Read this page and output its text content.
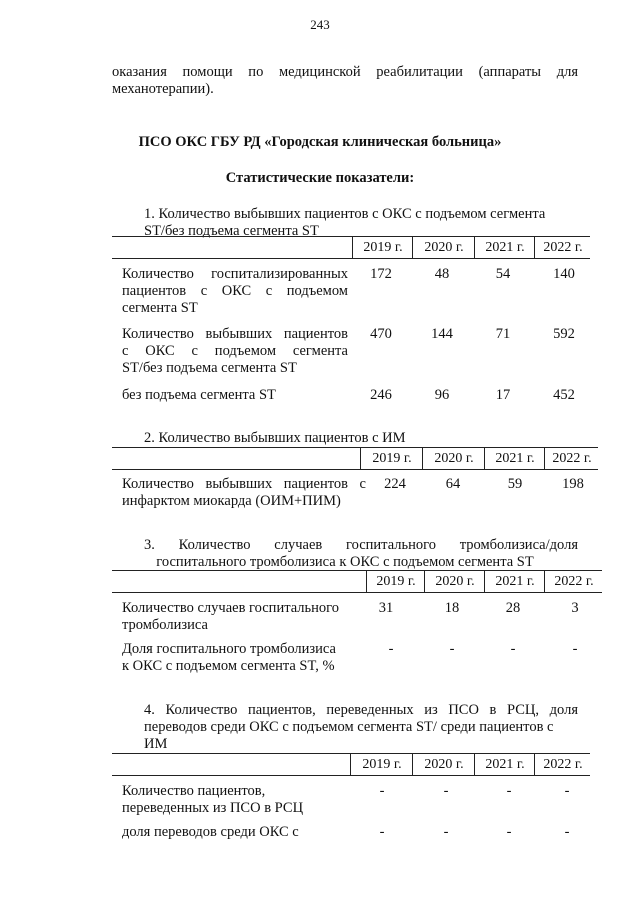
243
оказания помощи по медицинской реабилитации (аппараты для
механотерапии).
ПСО ОКС ГБУ РД «Городская клиническая больница»
Статистические показатели:
1. Количество выбывших пациентов с ОКС с подъемом сегмента
ST/без подъема сегмента ST
2019 г.	2020 г.	2021 г.	2022 г.
Количество госпитализированных
пациентов с ОКС с подъемом
сегмента ST
172	48	54	140
Количество выбывших пациентов
с ОКС с подъемом сегмента
ST/без подъема сегмента ST
470	144	71	592
без подъема сегмента ST	246	96	17	452
2. Количество выбывших пациентов с ИМ
2019 г.	2020 г.	2021 г.	2022 г.
Количество выбывших пациентов с
инфарктом миокарда (ОИМ+ПИМ)
224	64	59	198
3. Количество случаев госпитального тромболизиса/доля
госпитального тромболизиса к ОКС с подъемом сегмента ST
2019 г.	2020 г.	2021 г.	2022 г.
Количество случаев госпитального
тромболизиса
31	18	28	3
Доля госпитального тромболизиса
к ОКС с подъемом сегмента ST, %
-	-	-	-
4. Количество пациентов, переведенных из ПСО в РСЦ, доля
переводов среди ОКС с подъемом сегмента ST/ среди пациентов с
ИМ
2019 г.	2020 г.	2021 г.	2022 г.
Количество пациентов,
переведенных из ПСО в РСЦ
-	-	-	-
доля переводов среди ОКС с	-	-	-	-
